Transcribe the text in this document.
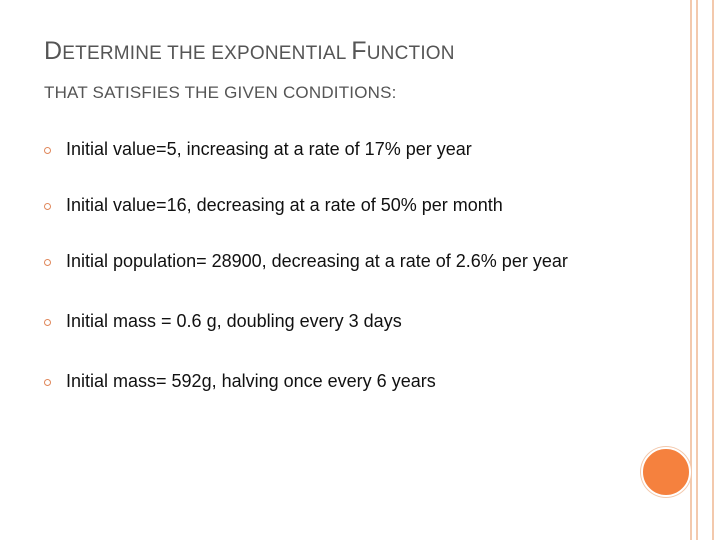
DETERMINE THE EXPONENTIAL FUNCTION
THAT SATISFIES THE GIVEN CONDITIONS:
Initial value=5, increasing at a rate of 17% per year
Initial value=16, decreasing at a rate of 50% per month
Initial population= 28900, decreasing at a rate of 2.6% per year
Initial mass = 0.6 g, doubling every 3 days
Initial mass= 592g, halving once every 6 years
